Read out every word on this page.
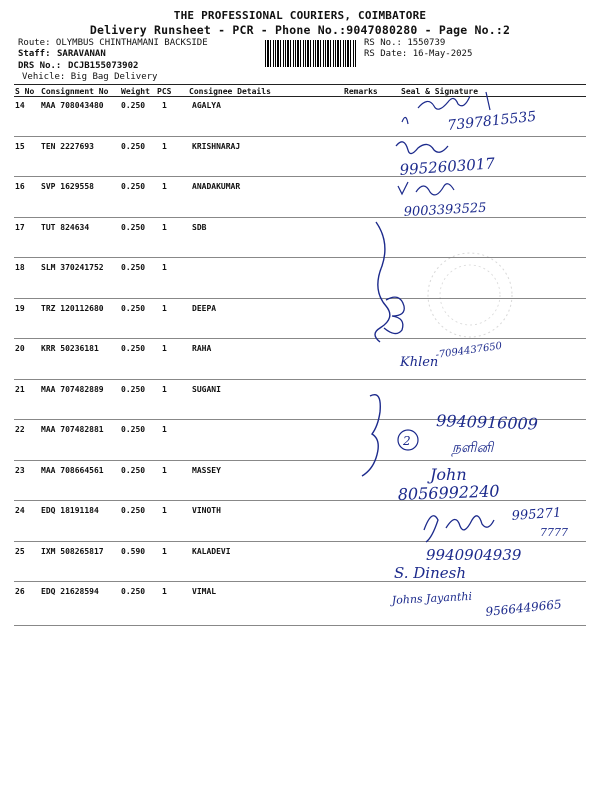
THE PROFESSIONAL COURIERS, COIMBATORE
Delivery Runsheet - PCR - Phone No.:9047080280 - Page No.:2
Route: OLYMBUS CHINTHAMANI BACKSIDE
Staff: SARAVANAN
DRS No.: DCJB155073902
Vehicle: Big Bag Delivery
RS No.: 1550739
RS Date: 16-May-2025
S No Consignment No Weight PCS Consignee Details	Remarks	Seal & Signature
14 MAA 708043480 0.250 1	AGALYA
15 TEN 2227693	0.250 1	KRISHNARAJ
16 SVP 1629558	0.250 1	ANADAKUMAR
17 TUT 824634	0.250 1	SDB
18 SLM 370241752 0.250 1
19 TRZ 120112680 0.250 1	DEEPA
20 KRR 50236181	0.250 1	RAHA
21 MAA 707482889 0.250 1	SUGANI
22 MAA 707482881 0.250 1
23 MAA 708664561 0.250 1	MASSEY
24 EDQ 18191184	0.250 1	VINOTH
25 IXM 508265817 0.590 1	KALADEVI
26 EDQ 21628594	0.250 1	VIMAL
7397815535
9952603017
9003393525
Khlen
-7094437650
2
9940916009
நளினி
John
8056992240
995271
7777
9940904939
S. Dinesh
Johns Jayanthi 9566449665
